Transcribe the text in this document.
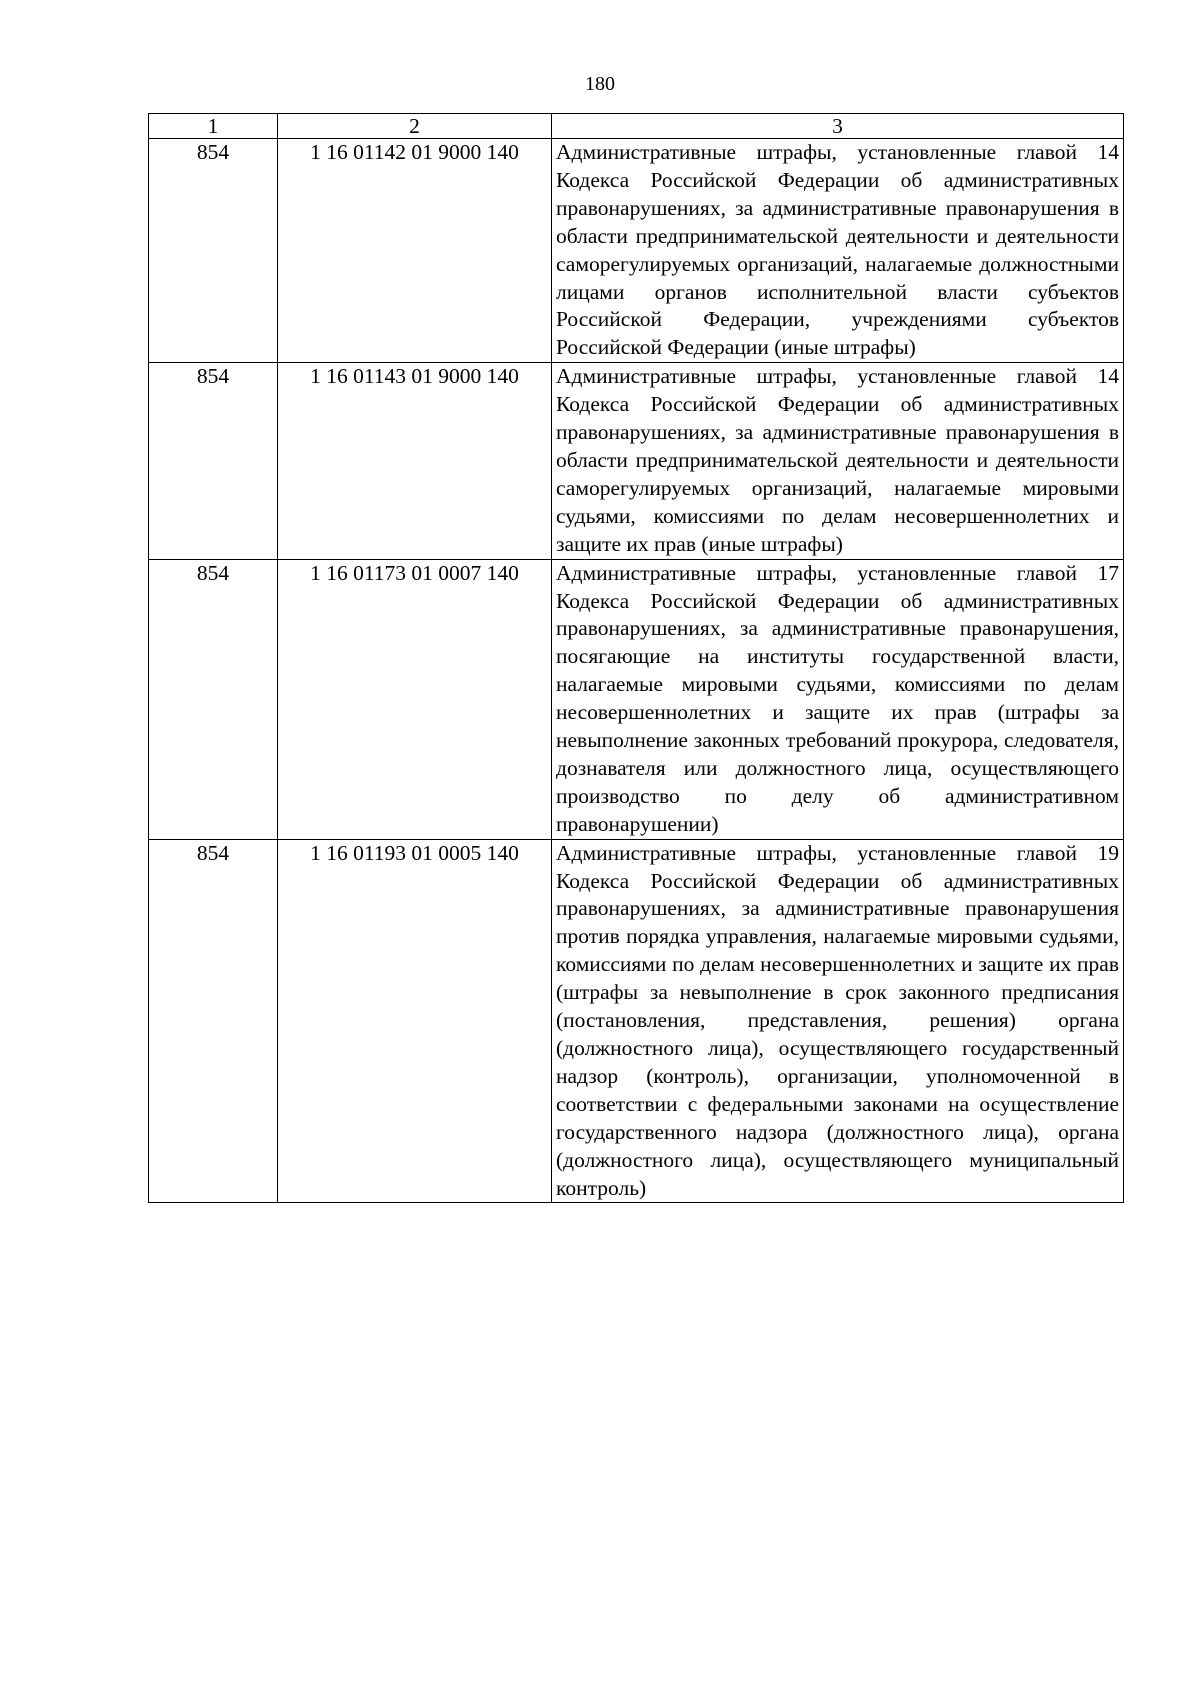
180
1	2	3
854	1 16 01142 01 9000 140	Административные штрафы, установленные главой 14 Кодекса Российской Федерации об административных правонарушениях, за административные правонарушения в области предпринимательской деятельности и деятельности саморегулируемых организаций, налагаемые должностными лицами органов исполнительной власти субъектов Российской Федерации, учреждениями субъектов Российской Федерации (иные штрафы)
854	1 16 01143 01 9000 140	Административные штрафы, установленные главой 14 Кодекса Российской Федерации об административных правонарушениях, за административные правонарушения в области предпринимательской деятельности и деятельности саморегулируемых организаций, налагаемые мировыми судьями, комиссиями по делам несовершеннолетних и защите их прав (иные штрафы)
854	1 16 01173 01 0007 140	Административные штрафы, установленные главой 17 Кодекса Российской Федерации об административных правонарушениях, за административные правонарушения, посягающие на институты государственной власти, налагаемые мировыми судьями, комиссиями по делам несовершеннолетних и защите их прав (штрафы за невыполнение законных требований прокурора, следователя, дознавателя или должностного лица, осуществляющего производство по делу об административном правонарушении)
854	1 16 01193 01 0005 140	Административные штрафы, установленные главой 19 Кодекса Российской Федерации об административных правонарушениях, за административные правонарушения против порядка управления, налагаемые мировыми судьями, комиссиями по делам несовершеннолетних и защите их прав (штрафы за невыполнение в срок законного предписания (постановления, представления, решения) органа (должностного лица), осуществляющего государственный надзор (контроль), организации, уполномоченной в соответствии с федеральными законами на осуществление государственного надзора (должностного лица), органа (должностного лица), осуществляющего муниципальный контроль)
